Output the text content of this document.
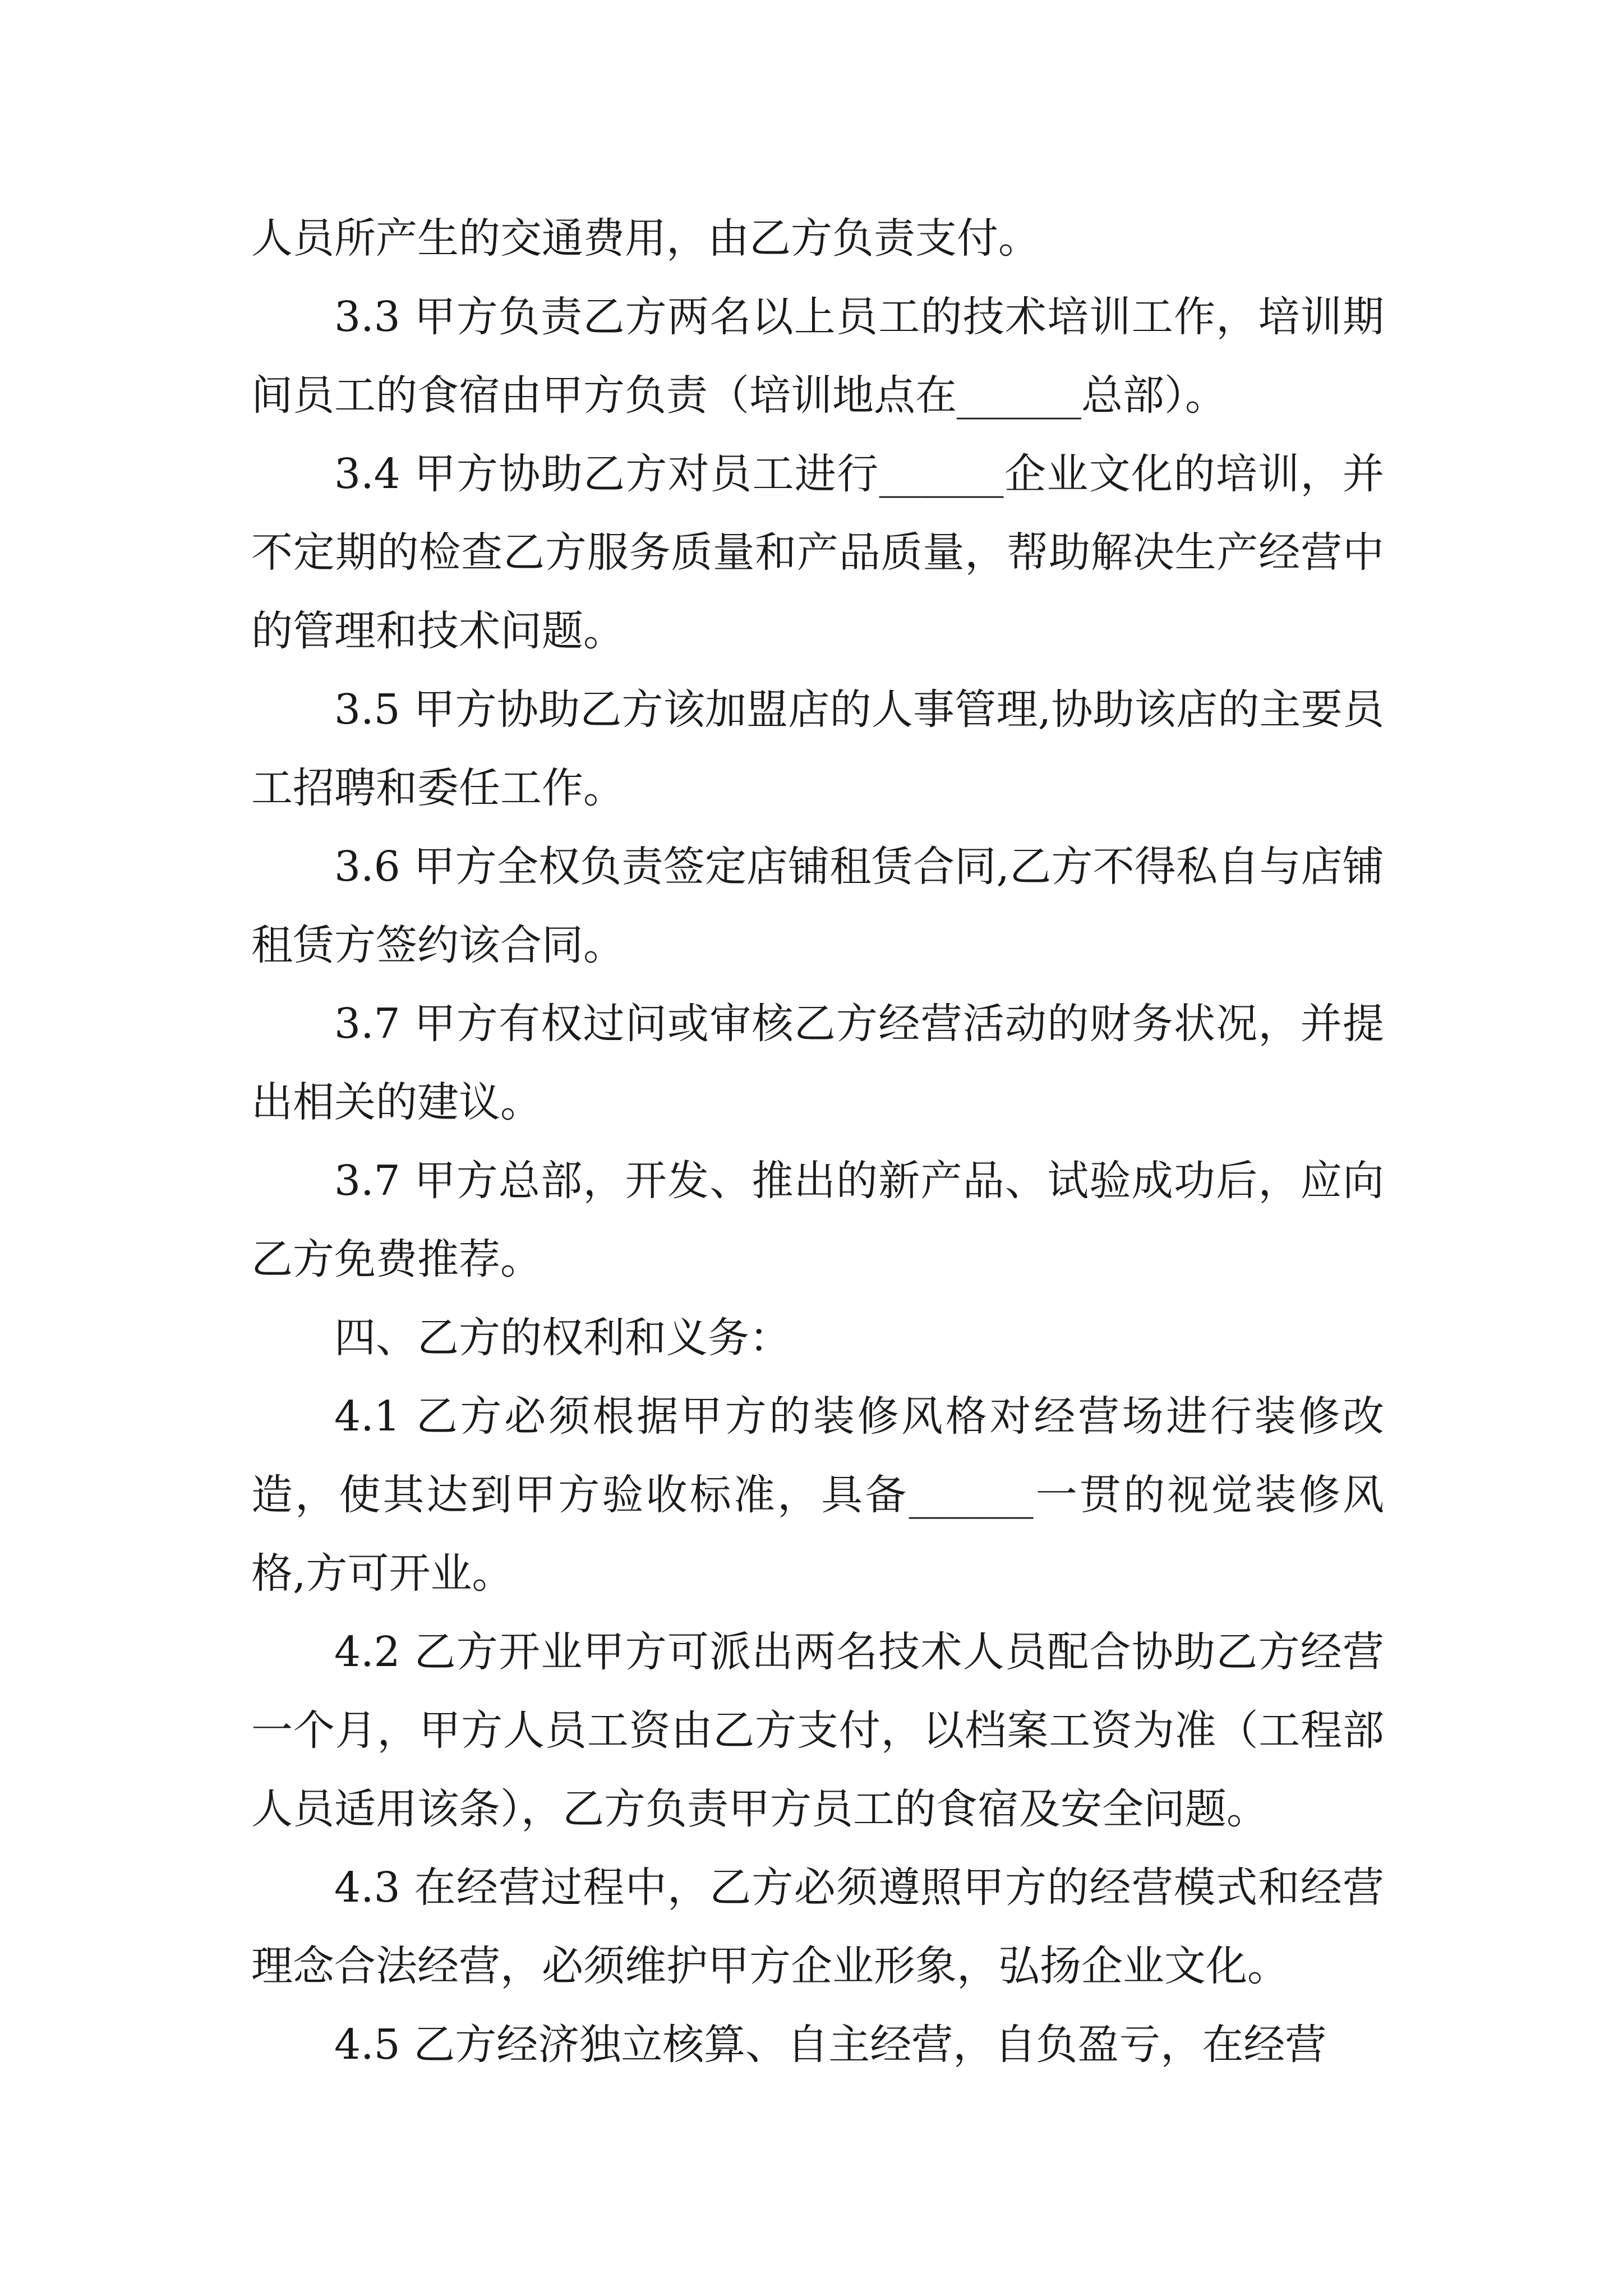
人员所产生的交通费用，由乙方负责支付。

3.3 甲方负责乙方两名以上员工的技术培训工作，培训期间员工的食宿由甲方负责（培训地点在______总部）。

3.4 甲方协助乙方对员工进行______企业文化的培训，并不定期的检查乙方服务质量和产品质量，帮助解决生产经营中的管理和技术问题。

3.5 甲方协助乙方该加盟店的人事管理,协助该店的主要员工招聘和委任工作。

3.6 甲方全权负责签定店铺租赁合同,乙方不得私自与店铺租赁方签约该合同。

3.7 甲方有权过问或审核乙方经营活动的财务状况，并提出相关的建议。

3.7 甲方总部，开发、推出的新产品、试验成功后，应向乙方免费推荐。

四、乙方的权利和义务：

4.1 乙方必须根据甲方的装修风格对经营场进行装修改造，使其达到甲方验收标准，具备______一贯的视觉装修风格,方可开业。

4.2 乙方开业甲方可派出两名技术人员配合协助乙方经营一个月，甲方人员工资由乙方支付，以档案工资为准（工程部人员适用该条），乙方负责甲方员工的食宿及安全问题。

4.3 在经营过程中，乙方必须遵照甲方的经营模式和经营理念合法经营，必须维护甲方企业形象，弘扬企业文化。

4.5 乙方经济独立核算、自主经营，自负盈亏，在经营
